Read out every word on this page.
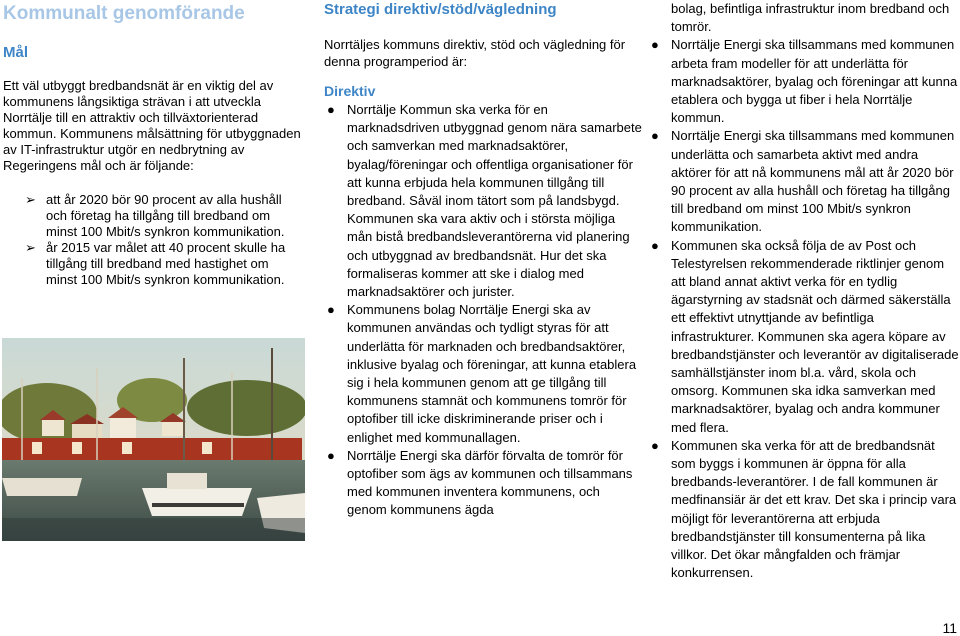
Kommunalt genomförande
Mål
Ett väl utbyggt bredbandsnät är en viktig del av kommunens långsiktiga strävan i att utveckla Norrtälje till en attraktiv och tillväxtorienterad kommun. Kommunens målsättning för utbyggnaden av IT-infrastruktur utgör en nedbrytning av Regeringens mål och är följande:
➢ att år 2020 bör 90 procent av alla hushåll och företag ha tillgång till bredband om minst 100 Mbit/s synkron kommunikation.
➢ år 2015 var målet att 40 procent skulle ha tillgång till bredband med hastighet om minst 100 Mbit/s synkron kommunikation.
Strategi direktiv/stöd/vägledning
Norrtäljes kommuns direktiv, stöd och vägledning för denna programperiod är:
Direktiv
● Norrtälje Kommun ska verka för en marknadsdriven utbyggnad genom nära samarbete och samverkan med marknadsaktörer, byalag/föreningar och offentliga organisationer för att kunna erbjuda hela kommunen tillgång till bredband. Såväl inom tätort som på landsbygd. Kommunen ska vara aktiv och i största möjliga mån bistå bredbandsleverantörerna vid planering och utbyggnad av bredbandsnät. Hur det ska formaliseras kommer att ske i dialog med marknadsaktörer och jurister.
● Kommunens bolag Norrtälje Energi ska av kommunen användas och tydligt styras för att underlätta för marknaden och bredbandsaktörer, inklusive byalag och föreningar, att kunna etablera sig i hela kommunen genom att ge tillgång till kommunens stamnät och kommunens tomrör för optofiber till icke diskriminerande priser och i enlighet med kommunallagen.
● Norrtälje Energi ska därför förvalta de tomrör för optofiber som ägs av kommunen och tillsammans med kommunen inventera kommunens, och genom kommunens ägda
bolag, befintliga infrastruktur inom bredband och tomrör.
● Norrtälje Energi ska tillsammans med kommunen arbeta fram modeller för att underlätta för marknadsaktörer, byalag och föreningar att kunna etablera och bygga ut fiber i hela Norrtälje kommun.
● Norrtälje Energi ska tillsammans med kommunen underlätta och samarbeta aktivt med andra aktörer för att nå kommunens mål att år 2020 bör 90 procent av alla hushåll och företag ha tillgång till bredband om minst 100 Mbit/s synkron kommunikation.
● Kommunen ska också följa de av Post och Telestyrelsen rekommenderade riktlinjer genom att bland annat aktivt verka för en tydlig ägarstyrning av stadsnät och därmed säkerställa ett effektivt utnyttjande av befintliga infrastrukturer. Kommunen ska agera köpare av bredbandstjänster och leverantör av digitaliserade samhällstjänster inom bl.a. vård, skola och omsorg. Kommunen ska idka samverkan med marknadsaktörer, byalag och andra kommuner med flera.
● Kommunen ska verka för att de bredbandsnät som byggs i kommunen är öppna för alla bredbands-leverantörer. I de fall kommunen är medfinansiär är det ett krav. Det ska i princip vara möjligt för leverantörerna att erbjuda bredbandstjänster till konsumenterna på lika villkor. Det ökar mångfalden och främjar konkurrensen.
11
